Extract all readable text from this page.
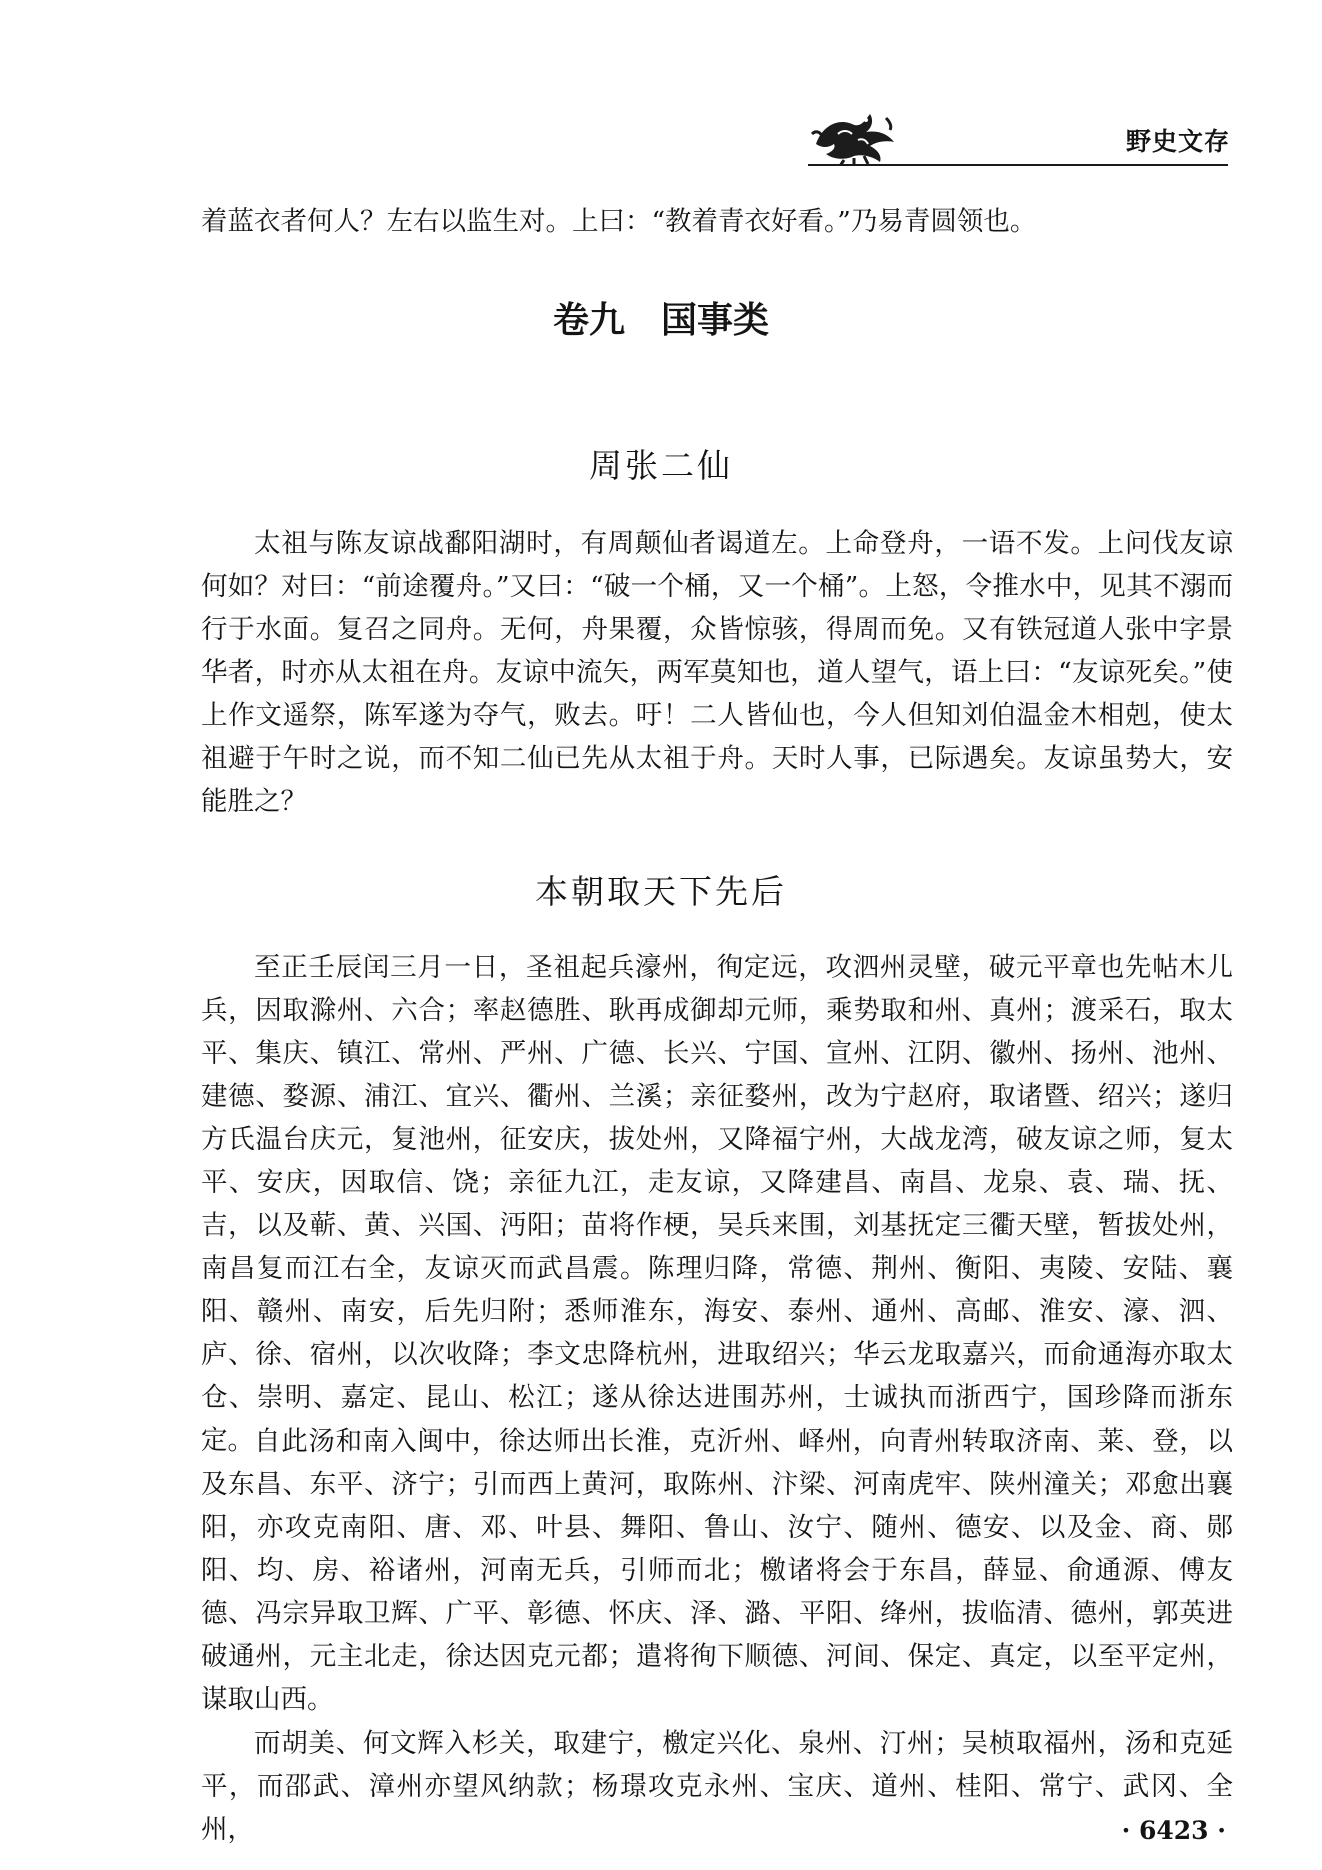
野史文存

着蓝衣者何人？左右以监生对。上曰：“教着青衣好看。”乃易青圆领也。

卷九　国事类
周张二仙

太祖与陈友谅战鄱阳湖时，有周颠仙者谒道左。上命登舟，一语不发。上问伐友谅何如？对曰：“前途覆舟。”又曰：“破一个桶，又一个桶”。上怒，令推水中，见其不溺而行于水面。复召之同舟。无何，舟果覆，众皆惊骇，得周而免。又有铁冠道人张中字景华者，时亦从太祖在舟。友谅中流矢，两军莫知也，道人望气，语上曰：“友谅死矣。”使上作文遥祭，陈军遂为夺气，败去。吁！二人皆仙也，今人但知刘伯温金木相剋，使太祖避于午时之说，而不知二仙已先从太祖于舟。天时人事，已际遇矣。友谅虽势大，安能胜之？

本朝取天下先后

至正壬辰闰三月一日，圣祖起兵濠州，徇定远，攻泗州灵壁，破元平章也先帖木儿兵，因取滁州、六合；率赵德胜、耿再成御却元师，乘势取和州、真州；渡采石，取太平、集庆、镇江、常州、严州、广德、长兴、宁国、宣州、江阴、徽州、扬州、池州、建德、婺源、浦江、宜兴、衢州、兰溪；亲征婺州，改为宁赵府，取诸暨、绍兴；遂归方氏温台庆元，复池州，征安庆，拔处州，又降福宁州，大战龙湾，破友谅之师，复太平、安庆，因取信、饶；亲征九江，走友谅，又降建昌、南昌、龙泉、袁、瑞、抚、吉，以及蕲、黄、兴国、沔阳；苗将作梗，吴兵来围，刘基抚定三衢天壁，暂拔处州，南昌复而江右全，友谅灭而武昌震。陈理归降，常德、荆州、衡阳、夷陵、安陆、襄阳、赣州、南安，后先归附；悉师淮东，海安、泰州、通州、高邮、淮安、濠、泗、庐、徐、宿州，以次收降；李文忠降杭州，进取绍兴；华云龙取嘉兴，而俞通海亦取太仓、崇明、嘉定、昆山、松江；遂从徐达进围苏州，士诚执而浙西宁，国珍降而浙东定。 自此汤和南入闽中，徐达师出长淮，克沂州、峄州，向青州转取济南、莱、登，以及东昌、东平、济宁；引而西上黄河，取陈州、汴梁、河南虎牢、陕州潼关；邓愈出襄阳，亦攻克南阳、唐、邓、叶县、舞阳、鲁山、汝宁、随州、德安、以及金、商、郧阳、均、房、裕诸州，河南无兵，引师而北；檄诸将会于东昌，薛显、俞通源、傅友德、冯宗异取卫辉、广平、彰德、怀庆、泽、潞、平阳、绛州，拔临清、德州，郭英进破通州，元主北走，徐达因克元都；遣将徇下顺德、河间、保定、真定，以至平定州，谋取山西。

而胡美、何文辉入杉关，取建宁，檄定兴化、泉州、汀州；吴桢取福州，汤和克延平，而邵武、漳州亦望风纳款；杨璟攻克永州、宝庆、道州、桂阳、常宁、武冈、全州，	· 6423 ·
